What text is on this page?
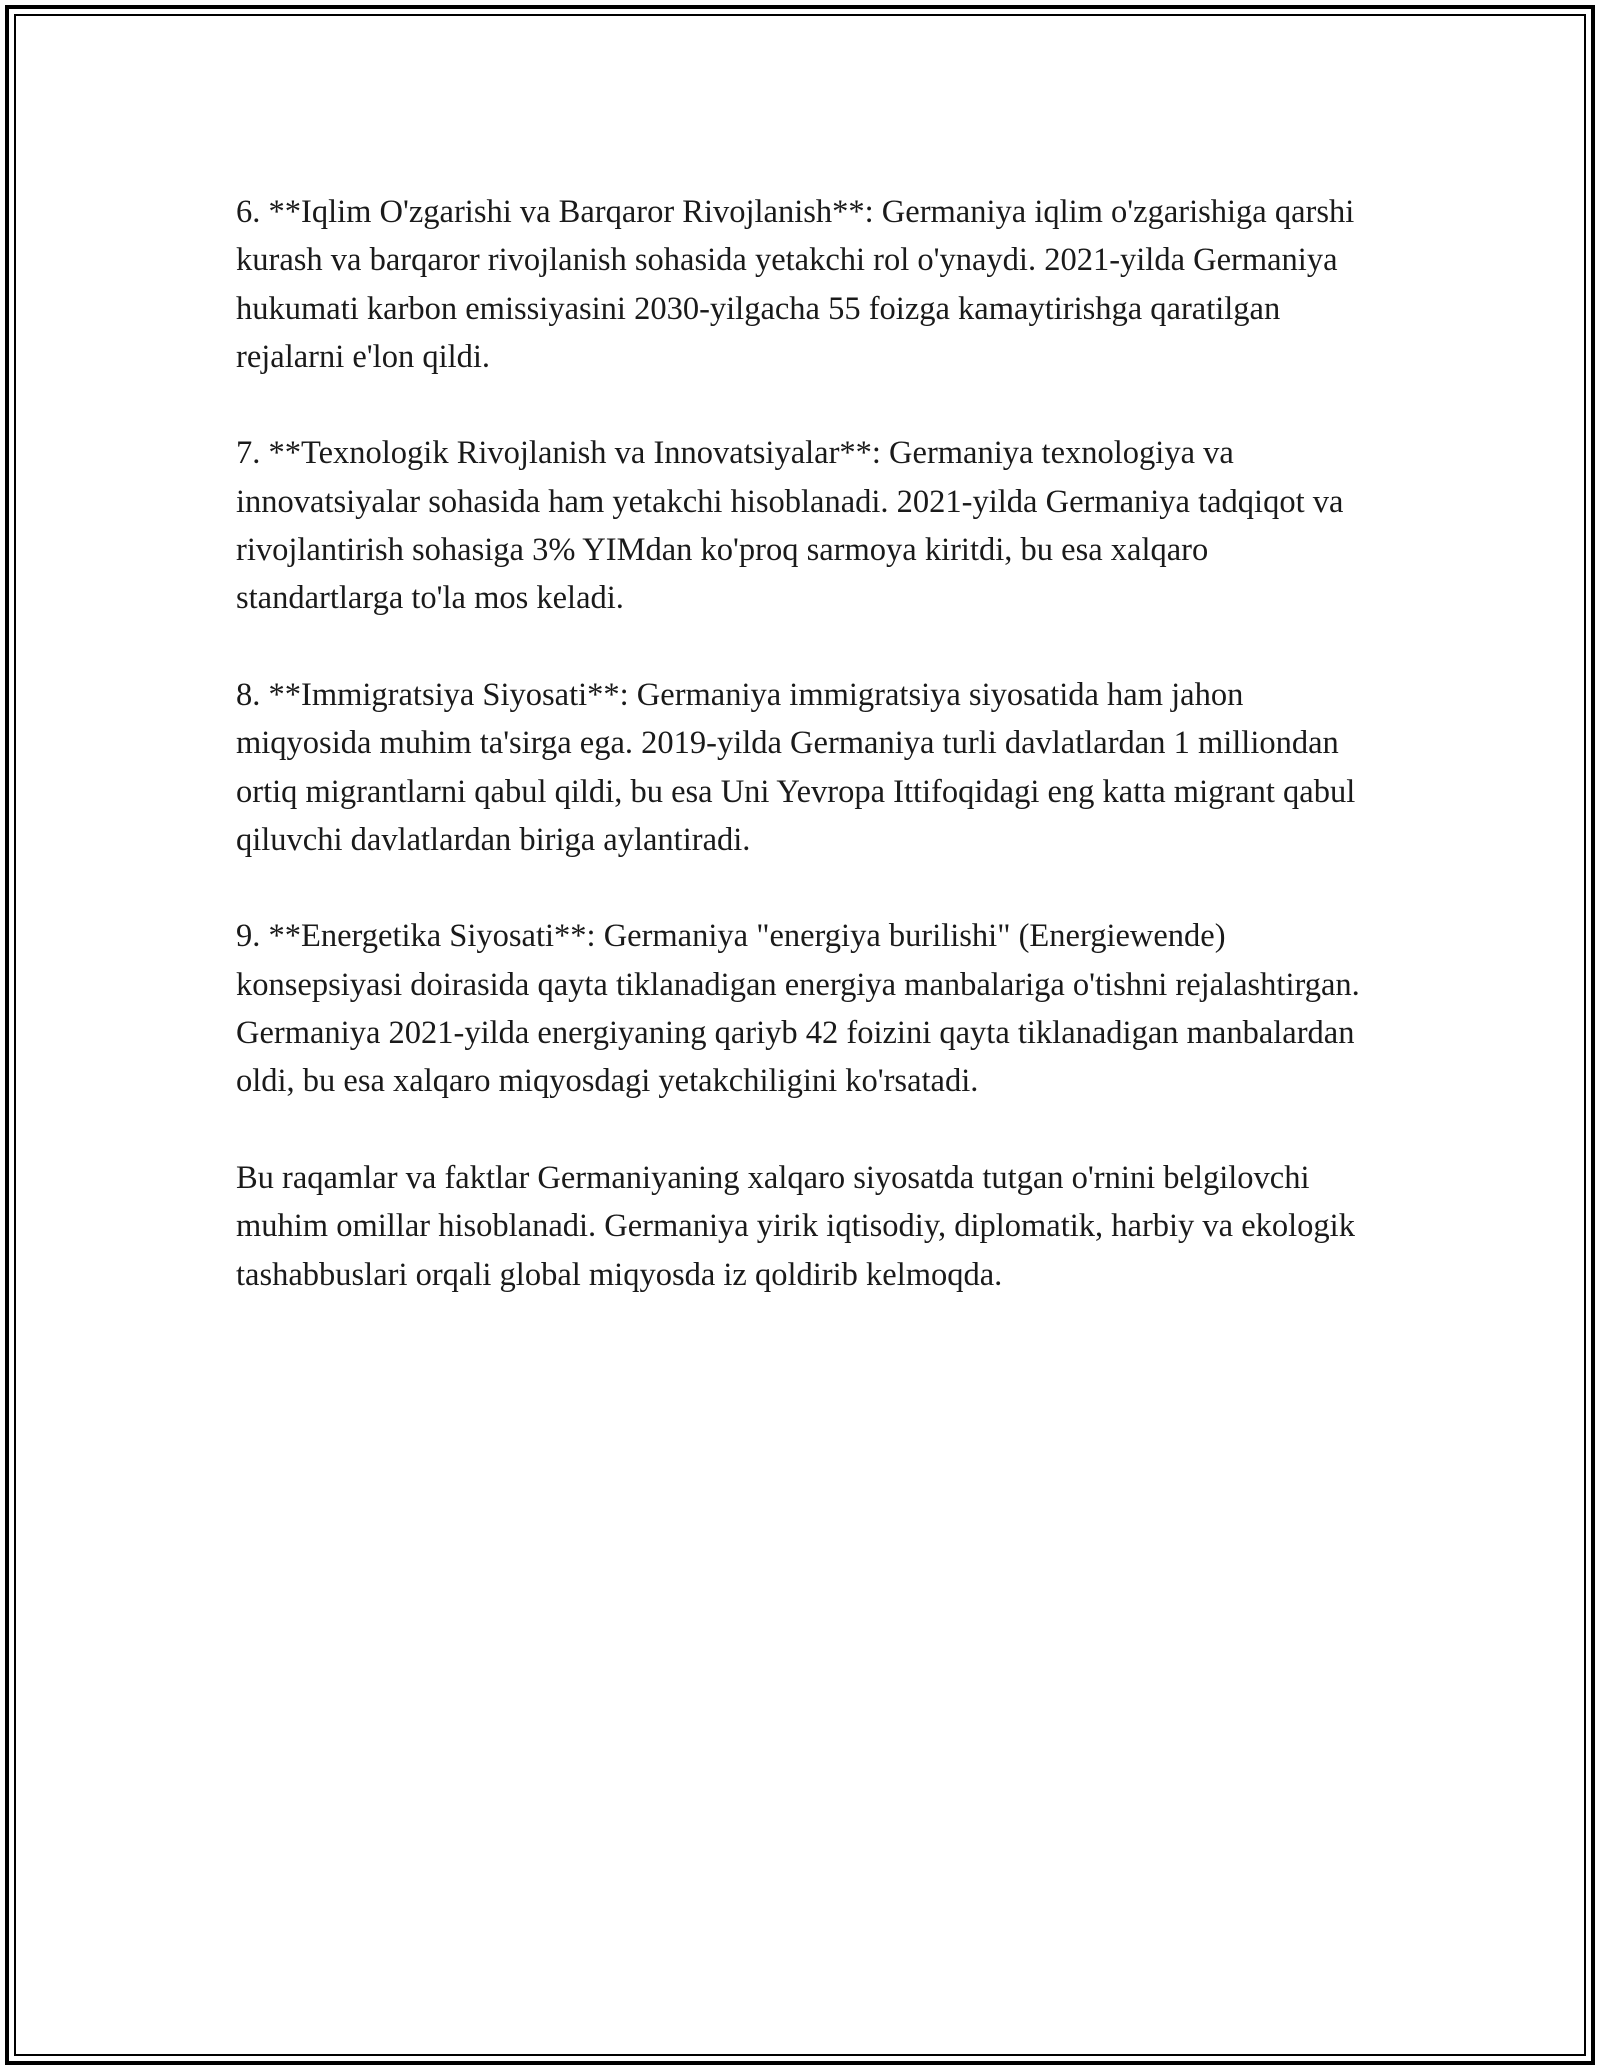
6. **Iqlim O'zgarishi va Barqaror Rivojlanish**: Germaniya iqlim o'zgarishiga qarshi kurash va barqaror rivojlanish sohasida yetakchi rol o'ynaydi. 2021-yilda Germaniya hukumati karbon emissiyasini 2030-yilgacha 55 foizga kamaytirishga qaratilgan rejalarni e'lon qildi.

7. **Texnologik Rivojlanish va Innovatsiyalar**: Germaniya texnologiya va innovatsiyalar sohasida ham yetakchi hisoblanadi. 2021-yilda Germaniya tadqiqot va rivojlantirish sohasiga 3% YIMdan ko'proq sarmoya kiritdi, bu esa xalqaro standartlarga to'la mos keladi.

8. **Immigratsiya Siyosati**: Germaniya immigratsiya siyosatida ham jahon miqyosida muhim ta'sirga ega. 2019-yilda Germaniya turli davlatlardan 1 milliondan ortiq migrantlarni qabul qildi, bu esa Uni Yevropa Ittifoqidagi eng katta migrant qabul qiluvchi davlatlardan biriga aylantiradi.

9. **Energetika Siyosati**: Germaniya "energiya burilishi" (Energiewende) konsepsiyasi doirasida qayta tiklanadigan energiya manbalariga o'tishni rejalashtirgan. Germaniya 2021-yilda energiyaning qariyb 42 foizini qayta tiklanadigan manbalardan oldi, bu esa xalqaro miqyosdagi yetakchiligini ko'rsatadi.

Bu raqamlar va faktlar Germaniyaning xalqaro siyosatda tutgan o'rnini belgilovchi muhim omillar hisoblanadi. Germaniya yirik iqtisodiy, diplomatik, harbiy va ekologik tashabbuslari orqali global miqyosda iz qoldirib kelmoqda.
